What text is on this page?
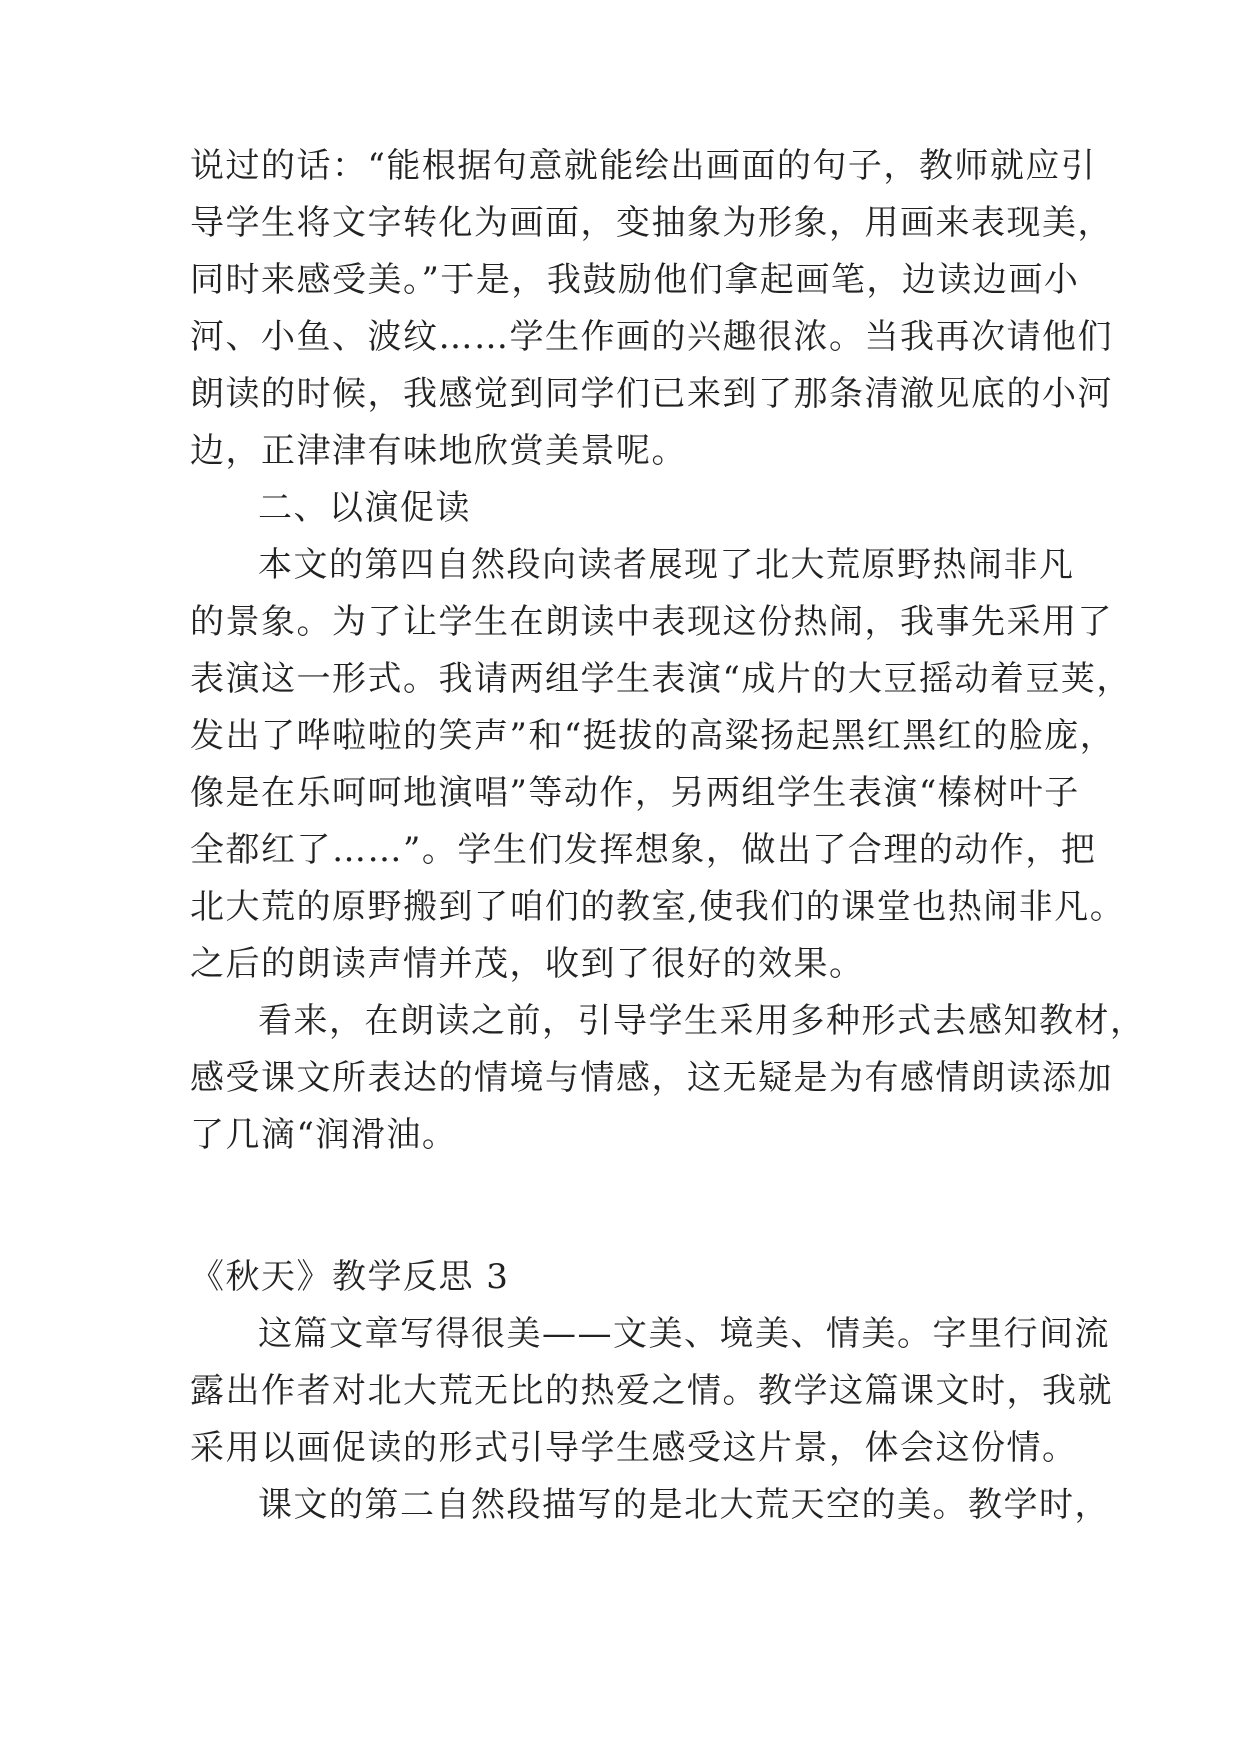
说过的话：“能根据句意就能绘出画面的句子，教师就应引
导学生将文字转化为画面，变抽象为形象，用画来表现美，
同时来感受美。”于是，我鼓励他们拿起画笔，边读边画小
河、小鱼、波纹……学生作画的兴趣很浓。当我再次请他们
朗读的时候，我感觉到同学们已来到了那条清澈见底的小河
边，正津津有味地欣赏美景呢。
二、以演促读
本文的第四自然段向读者展现了北大荒原野热闹非凡
的景象。为了让学生在朗读中表现这份热闹，我事先采用了
表演这一形式。我请两组学生表演“成片的大豆摇动着豆荚，
发出了哗啦啦的笑声”和“挺拔的高粱扬起黑红黑红的脸庞，
像是在乐呵呵地演唱”等动作，另两组学生表演“榛树叶子
全都红了……”。学生们发挥想象，做出了合理的动作，把
北大荒的原野搬到了咱们的教室,使我们的课堂也热闹非凡。
之后的朗读声情并茂，收到了很好的效果。
看来，在朗读之前，引导学生采用多种形式去感知教材，
感受课文所表达的情境与情感，这无疑是为有感情朗读添加
了几滴“润滑油。
《秋天》教学反思 3
这篇文章写得很美——文美、境美、情美。字里行间流
露出作者对北大荒无比的热爱之情。教学这篇课文时，我就
采用以画促读的形式引导学生感受这片景，体会这份情。
课文的第二自然段描写的是北大荒天空的美。教学时，
